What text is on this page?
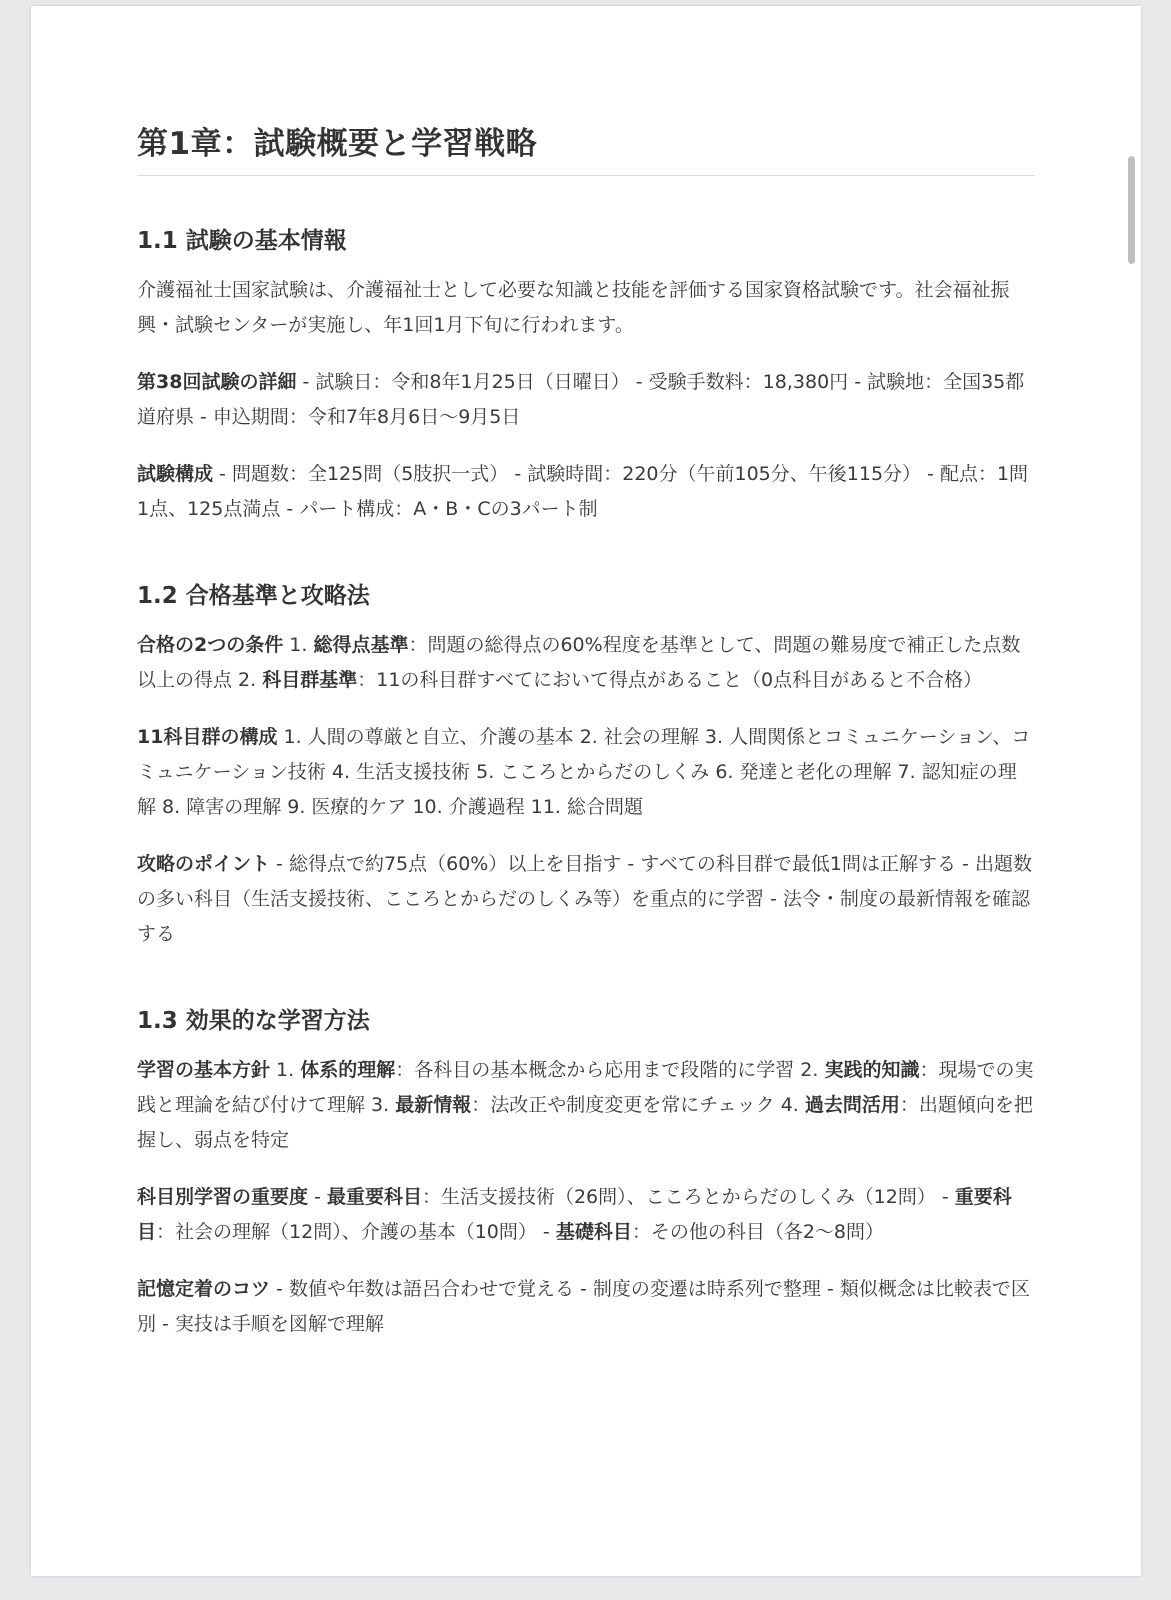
第1章：試験概要と学習戦略
1.1 試験の基本情報

介護福祉士国家試験は、介護福祉士として必要な知識と技能を評価する国家資格試験です。社会福祉振興・試験センターが実施し、年1回1月下旬に行われます。

第38回試験の詳細 - 試験日：令和8年1月25日（日曜日） - 受験手数料：18,380円 - 試験地：全国35都道府県 - 申込期間：令和7年8月6日〜9月5日

試験構成 - 問題数：全125問（5肢択一式） - 試験時間：220分（午前105分、午後115分） - 配点：1問1点、125点満点 - パート構成：A・B・Cの3パート制

1.2 合格基準と攻略法

合格の2つの条件 1. 総得点基準：問題の総得点の60%程度を基準として、問題の難易度で補正した点数以上の得点 2. 科目群基準：11の科目群すべてにおいて得点があること（0点科目があると不合格）

11科目群の構成 1. 人間の尊厳と自立、介護の基本 2. 社会の理解 3. 人間関係とコミュニケーション、コミュニケーション技術 4. 生活支援技術 5. こころとからだのしくみ 6. 発達と老化の理解 7. 認知症の理解 8. 障害の理解 9. 医療的ケア 10. 介護過程 11. 総合問題

攻略のポイント - 総得点で約75点（60%）以上を目指す - すべての科目群で最低1問は正解する - 出題数の多い科目（生活支援技術、こころとからだのしくみ等）を重点的に学習 - 法令・制度の最新情報を確認する

1.3 効果的な学習方法

学習の基本方針 1. 体系的理解：各科目の基本概念から応用まで段階的に学習 2. 実践的知識：現場での実践と理論を結び付けて理解 3. 最新情報：法改正や制度変更を常にチェック 4. 過去問活用：出題傾向を把握し、弱点を特定

科目別学習の重要度 - 最重要科目：生活支援技術（26問）、こころとからだのしくみ（12問） - 重要科目：社会の理解（12問）、介護の基本（10問） - 基礎科目：その他の科目（各2〜8問）

記憶定着のコツ - 数値や年数は語呂合わせで覚える - 制度の変遷は時系列で整理 - 類似概念は比較表で区別 - 実技は手順を図解で理解
